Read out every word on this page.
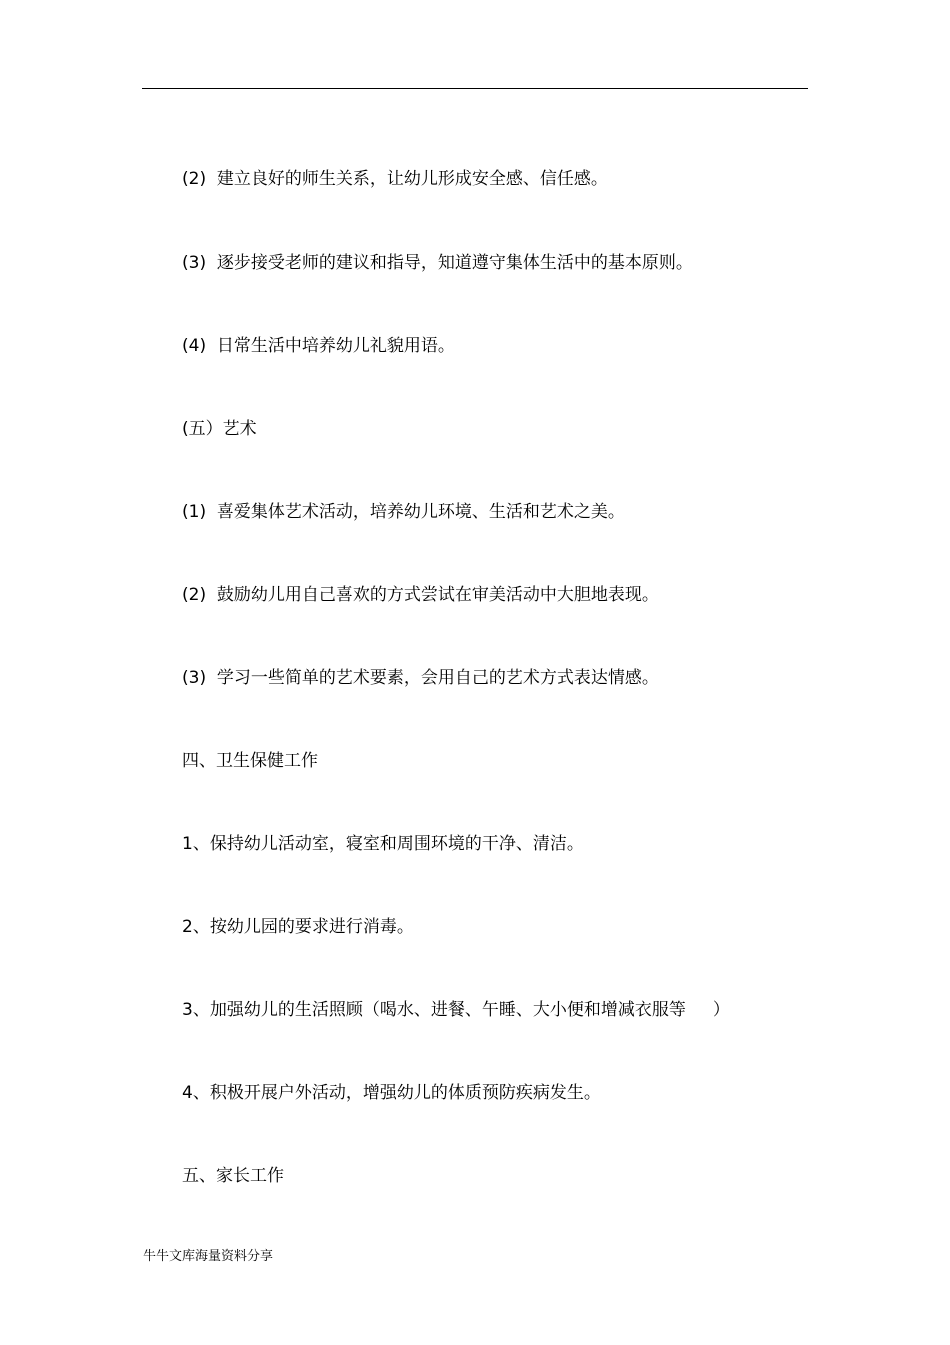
(2)  建立良好的师生关系，让幼儿形成安全感、信任感。

(3)  逐步接受老师的建议和指导，知道遵守集体生活中的基本原则。

(4)  日常生活中培养幼儿礼貌用语。

(五）艺术

(1)  喜爱集体艺术活动，培养幼儿环境、生活和艺术之美。

(2)  鼓励幼儿用自己喜欢的方式尝试在审美活动中大胆地表现。

(3)  学习一些简单的艺术要素，会用自己的艺术方式表达情感。

四、卫生保健工作

1、保持幼儿活动室，寝室和周围环境的干净、清洁。

2、按幼儿园的要求进行消毒。

3、加强幼儿的生活照顾（喝水、进餐、午睡、大小便和增减衣服等     ）

4、积极开展户外活动，增强幼儿的体质预防疾病发生。

五、家长工作

牛牛文库海量资料分享
